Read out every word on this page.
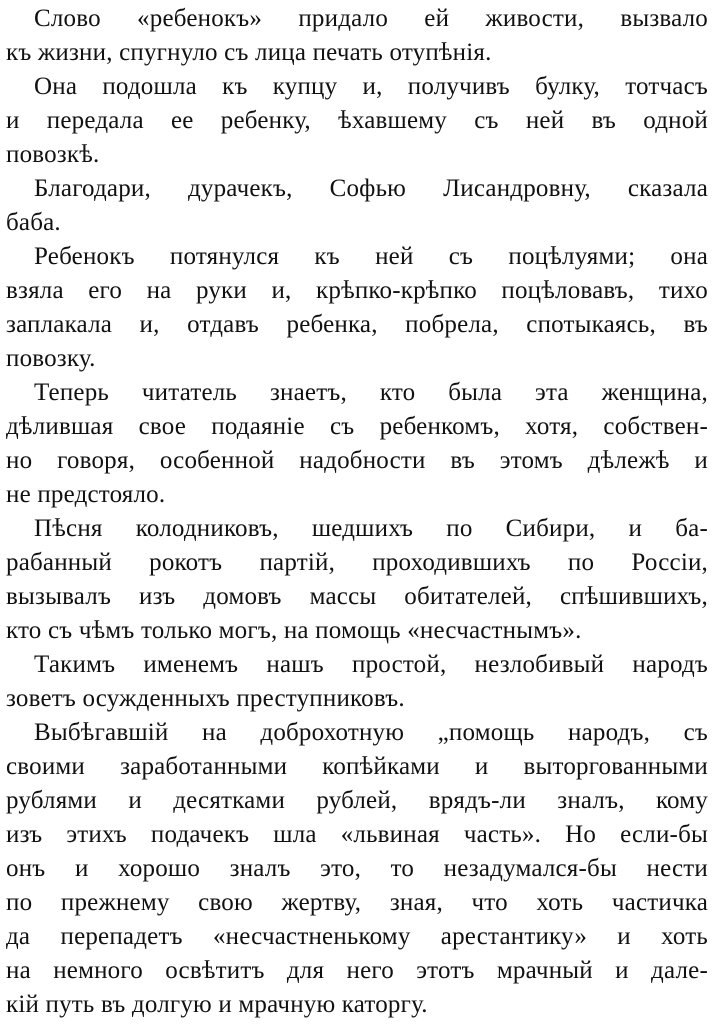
Слово «ребенокъ» придало ей живости, вызвало
къ жизни, спугнуло съ лица печать отупѣнія.
Она подошла къ купцу и, получивъ булку, тотчасъ
и передала ее ребенку, ѣхавшему съ ней въ одной
повозкѣ.
Благодари, дурачекъ, Софью Лисандровну, сказала
баба.
Ребенокъ потянулся къ ней съ поцѣлуями; она
взяла его на руки и, крѣпко-крѣпко поцѣловавъ, тихо
заплакала и, отдавъ ребенка, побрела, спотыкаясь, въ
повозку.
Теперь читатель знаетъ, кто была эта женщина,
дѣлившая свое подаяніе съ ребенкомъ, хотя, собствен-
но говоря, особенной надобности въ этомъ дѣлежѣ и
не предстояло.
Пѣсня колодниковъ, шедшихъ по Сибири, и ба-
рабанный рокотъ партій, проходившихъ по Россіи,
вызывалъ изъ домовъ массы обитателей, спѣшившихъ,
кто съ чѣмъ только могъ, на помощь «несчастнымъ».
Такимъ именемъ нашъ простой, незлобивый народъ
зоветъ осужденныхъ преступниковъ.
Выбѣгавшій на доброхотную „помощь народъ, съ
своими заработанными копѣйками и выторгованными
рублями и десятками рублей, врядъ-ли зналъ, кому
изъ этихъ подачекъ шла «львиная часть». Но если-бы
онъ и хорошо зналъ это, то незадумался-бы нести
по прежнему свою жертву, зная, что хоть частичка
да перепадетъ «несчастненькому арестантику» и хоть
на немного освѣтитъ для него этотъ мрачный и дале-
кій путь въ долгую и мрачную каторгу.
